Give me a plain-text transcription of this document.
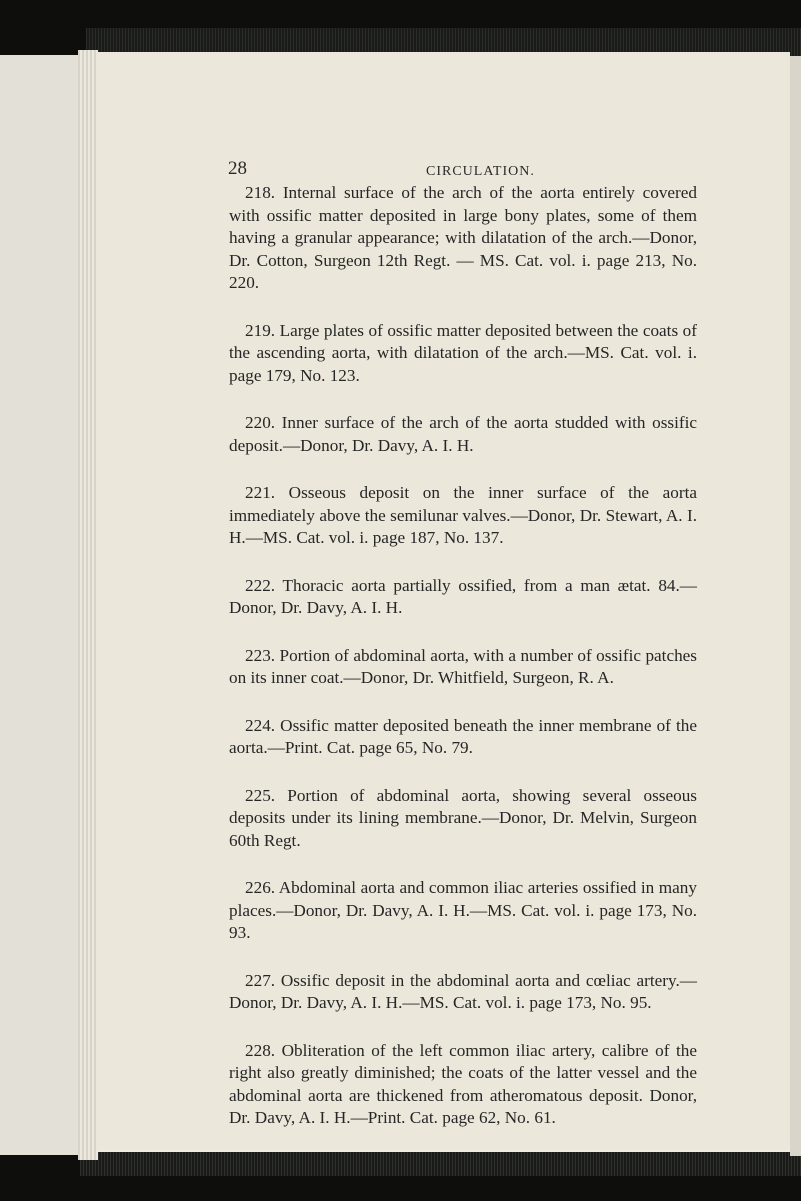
28	CIRCULATION.

218. Internal surface of the arch of the aorta entirely covered with ossific matter deposited in large bony plates, some of them having a granular appearance; with dilatation of the arch.—Donor, Dr. Cotton, Surgeon 12th Regt. — MS. Cat. vol. i. page 213, No. 220.

219. Large plates of ossific matter deposited between the coats of the ascending aorta, with dilatation of the arch.—MS. Cat. vol. i. page 179, No. 123.

220. Inner surface of the arch of the aorta studded with ossific deposit.—Donor, Dr. Davy, A. I. H.

221. Osseous deposit on the inner surface of the aorta immediately above the semilunar valves.—Donor, Dr. Stewart, A. I. H.—MS. Cat. vol. i. page 187, No. 137.

222. Thoracic aorta partially ossified, from a man ætat. 84.—Donor, Dr. Davy, A. I. H.

223. Portion of abdominal aorta, with a number of ossific patches on its inner coat.—Donor, Dr. Whitfield, Surgeon, R. A.

224. Ossific matter deposited beneath the inner membrane of the aorta.—Print. Cat. page 65, No. 79.

225. Portion of abdominal aorta, showing several osseous deposits under its lining membrane.—Donor, Dr. Melvin, Surgeon 60th Regt.

226. Abdominal aorta and common iliac arteries ossified in many places.—Donor, Dr. Davy, A. I. H.—MS. Cat. vol. i. page 173, No. 93.

227. Ossific deposit in the abdominal aorta and cœliac artery.—Donor, Dr. Davy, A. I. H.—MS. Cat. vol. i. page 173, No. 95.

228. Obliteration of the left common iliac artery, calibre of the right also greatly diminished; the coats of the latter vessel and the abdominal aorta are thickened from atheromatous deposit. Donor, Dr. Davy, A. I. H.—Print. Cat. page 62, No. 61.
